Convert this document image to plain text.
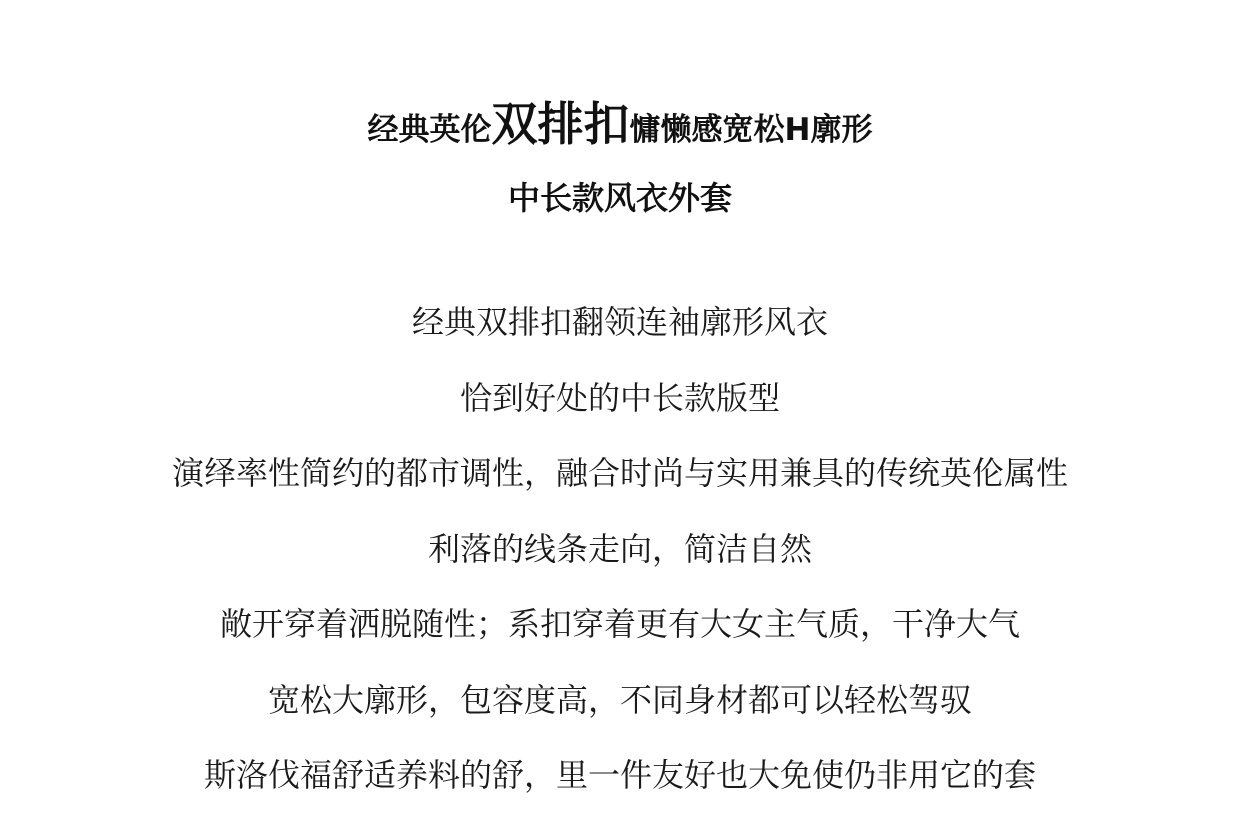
经典英伦双排扣慵懒感宽松H廓形
中长款风衣外套
经典双排扣翻领连袖廓形风衣
恰到好处的中长款版型
演绎率性简约的都市调性，融合时尚与实用兼具的传统英伦属性
利落的线条走向，简洁自然
敞开穿着洒脱随性；系扣穿着更有大女主气质，干净大气
宽松大廓形，包容度高，不同身材都可以轻松驾驭
斯洛伐福舒适养料的舒，里一件友好也大免使仍非用它的套
